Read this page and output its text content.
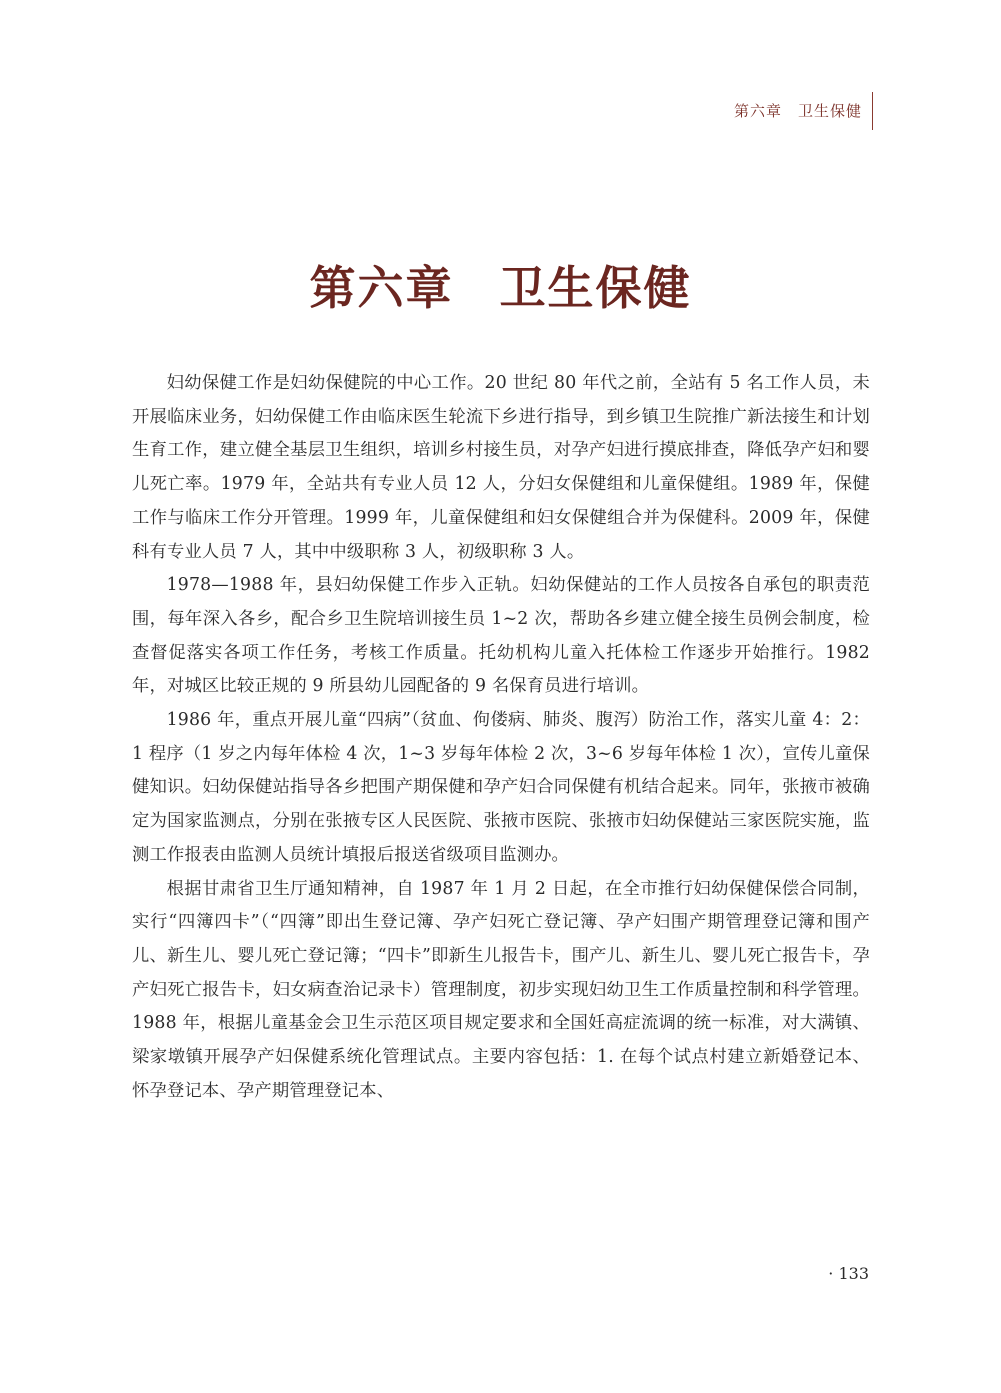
第六章 卫生保健
第六章 卫生保健

妇幼保健工作是妇幼保健院的中心工作。20 世纪 80 年代之前，全站有 5 名工作人员，未开展临床业务，妇幼保健工作由临床医生轮流下乡进行指导，到乡镇卫生院推广新法接生和计划生育工作，建立健全基层卫生组织，培训乡村接生员，对孕产妇进行摸底排查，降低孕产妇和婴儿死亡率。1979 年，全站共有专业人员 12 人，分妇女保健组和儿童保健组。1989 年，保健工作与临床工作分开管理。1999 年，儿童保健组和妇女保健组合并为保健科。2009 年，保健科有专业人员 7 人，其中中级职称 3 人，初级职称 3 人。

1978—1988 年，县妇幼保健工作步入正轨。妇幼保健站的工作人员按各自承包的职责范围，每年深入各乡，配合乡卫生院培训接生员 1~2 次，帮助各乡建立健全接生员例会制度，检查督促落实各项工作任务，考核工作质量。托幼机构儿童入托体检工作逐步开始推行。1982 年，对城区比较正规的 9 所县幼儿园配备的 9 名保育员进行培训。

1986 年，重点开展儿童“四病”（贫血、佝偻病、肺炎、腹泻）防治工作，落实儿童 4：2：1 程序（1 岁之内每年体检 4 次，1~3 岁每年体检 2 次，3~6 岁每年体检 1 次），宣传儿童保健知识。妇幼保健站指导各乡把围产期保健和孕产妇合同保健有机结合起来。同年，张掖市被确定为国家监测点，分别在张掖专区人民医院、张掖市医院、张掖市妇幼保健站三家医院实施，监测工作报表由监测人员统计填报后报送省级项目监测办。

根据甘肃省卫生厅通知精神，自 1987 年 1 月 2 日起，在全市推行妇幼保健保偿合同制，实行“四簿四卡”（“四簿”即出生登记簿、孕产妇死亡登记簿、孕产妇围产期管理登记簿和围产儿、新生儿、婴儿死亡登记簿；“四卡”即新生儿报告卡，围产儿、新生儿、婴儿死亡报告卡，孕产妇死亡报告卡，妇女病查治记录卡）管理制度，初步实现妇幼卫生工作质量控制和科学管理。1988 年，根据儿童基金会卫生示范区项目规定要求和全国妊高症流调的统一标准，对大满镇、梁家墩镇开展孕产妇保健系统化管理试点。主要内容包括：1. 在每个试点村建立新婚登记本、怀孕登记本、孕产期管理登记本、

· 133
